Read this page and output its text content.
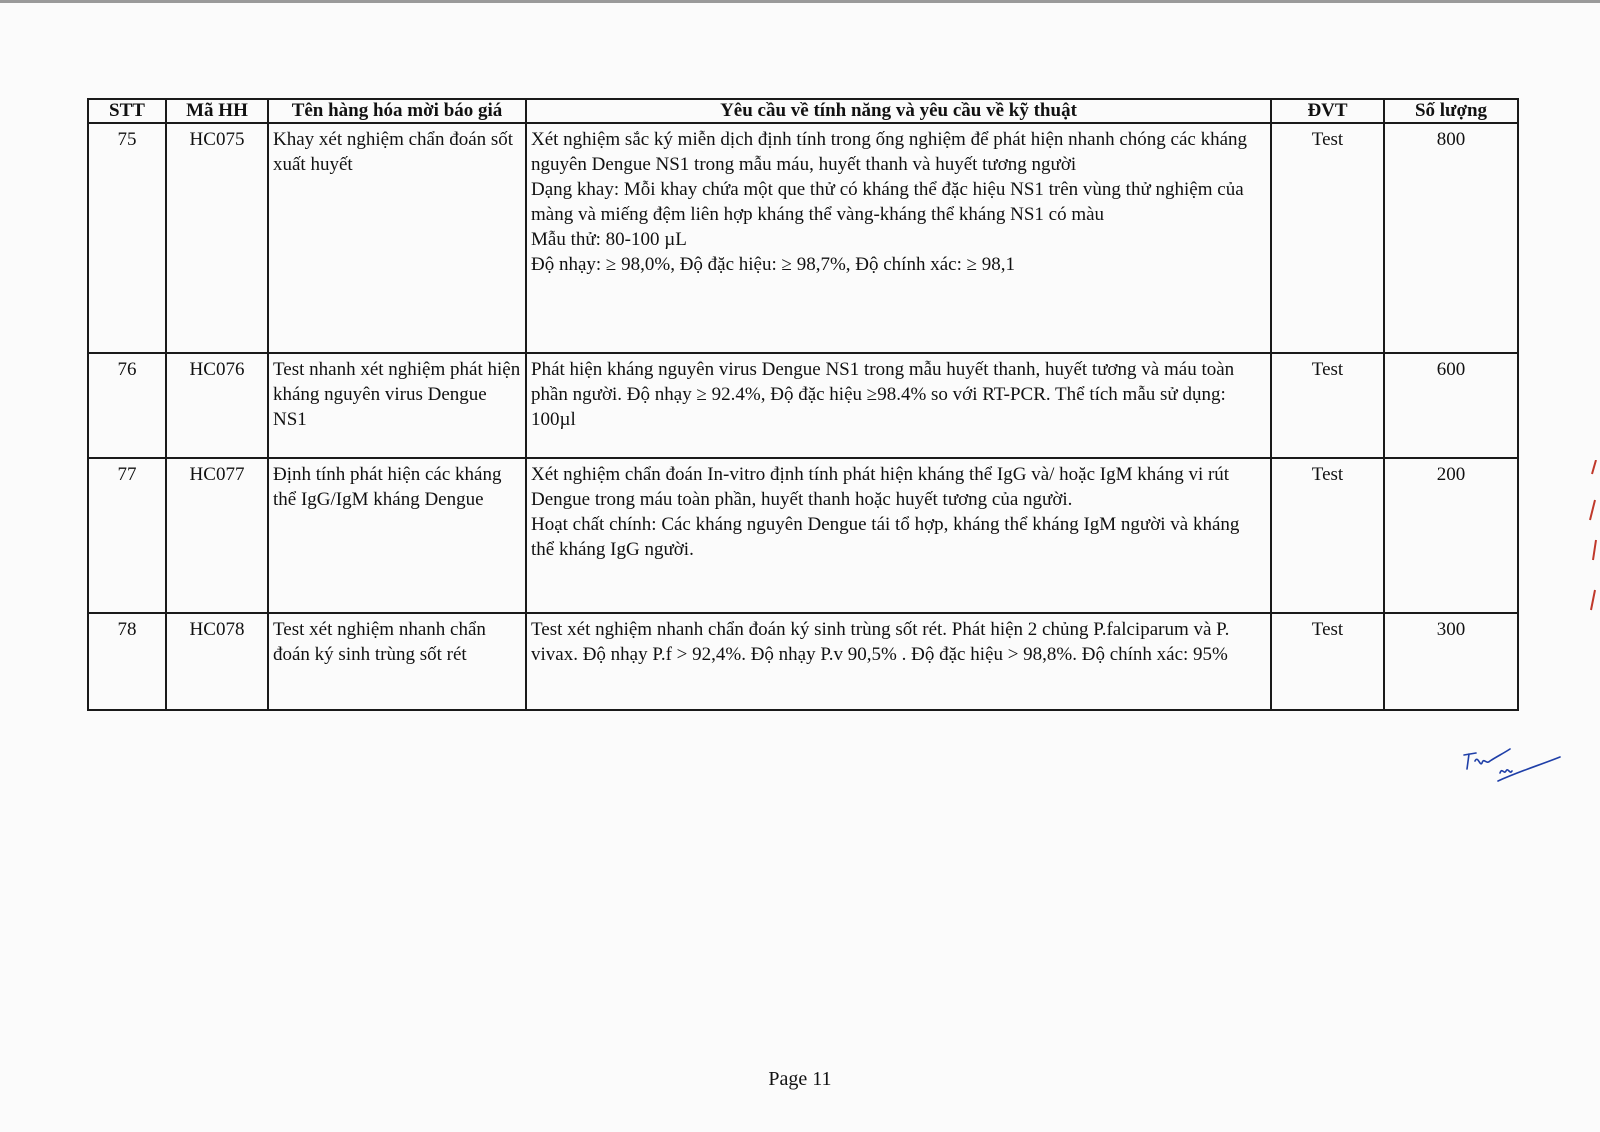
STT	Mã HH	Tên hàng hóa mời báo giá	Yêu cầu về tính năng và yêu cầu về kỹ thuật	ĐVT	Số lượng
75	HC075	Khay xét nghiệm chẩn đoán sốt xuất huyết	Xét nghiệm sắc ký miễn dịch định tính trong ống nghiệm để phát hiện nhanh chóng các kháng nguyên Dengue NS1 trong mẫu máu, huyết thanh và huyết tương người
Dạng khay: Mỗi khay chứa một que thử có kháng thể đặc hiệu NS1 trên vùng thử nghiệm của màng và miếng đệm liên hợp kháng thể vàng-kháng thể kháng NS1 có màu
Mẫu thử: 80-100 µL
Độ nhạy: ≥ 98,0%, Độ đặc hiệu: ≥ 98,7%, Độ chính xác: ≥ 98,1	Test	800
76	HC076	Test nhanh xét nghiệm phát hiện kháng nguyên virus Dengue NS1	Phát hiện kháng nguyên virus Dengue NS1 trong mẫu huyết thanh, huyết tương và máu toàn phần người. Độ nhạy ≥ 92.4%, Độ đặc hiệu ≥98.4% so với RT-PCR. Thể tích mẫu sử dụng: 100µl	Test	600
77	HC077	Định tính phát hiện các kháng thể IgG/IgM kháng Dengue	Xét nghiệm chẩn đoán In-vitro định tính phát hiện kháng thể IgG và/ hoặc IgM kháng vi rút Dengue trong máu toàn phần, huyết thanh hoặc huyết tương của người.
Hoạt chất chính: Các kháng nguyên Dengue tái tổ hợp, kháng thể kháng IgM người và kháng thể kháng IgG người.	Test	200
78	HC078	Test xét nghiệm nhanh chẩn đoán ký sinh trùng sốt rét	Test xét nghiệm nhanh chẩn đoán ký sinh trùng sốt rét. Phát hiện 2 chủng P.falciparum và P. vivax. Độ nhạy P.f > 92,4%. Độ nhạy P.v 90,5% . Độ đặc hiệu > 98,8%. Độ chính xác: 95%	Test	300
Page 11
